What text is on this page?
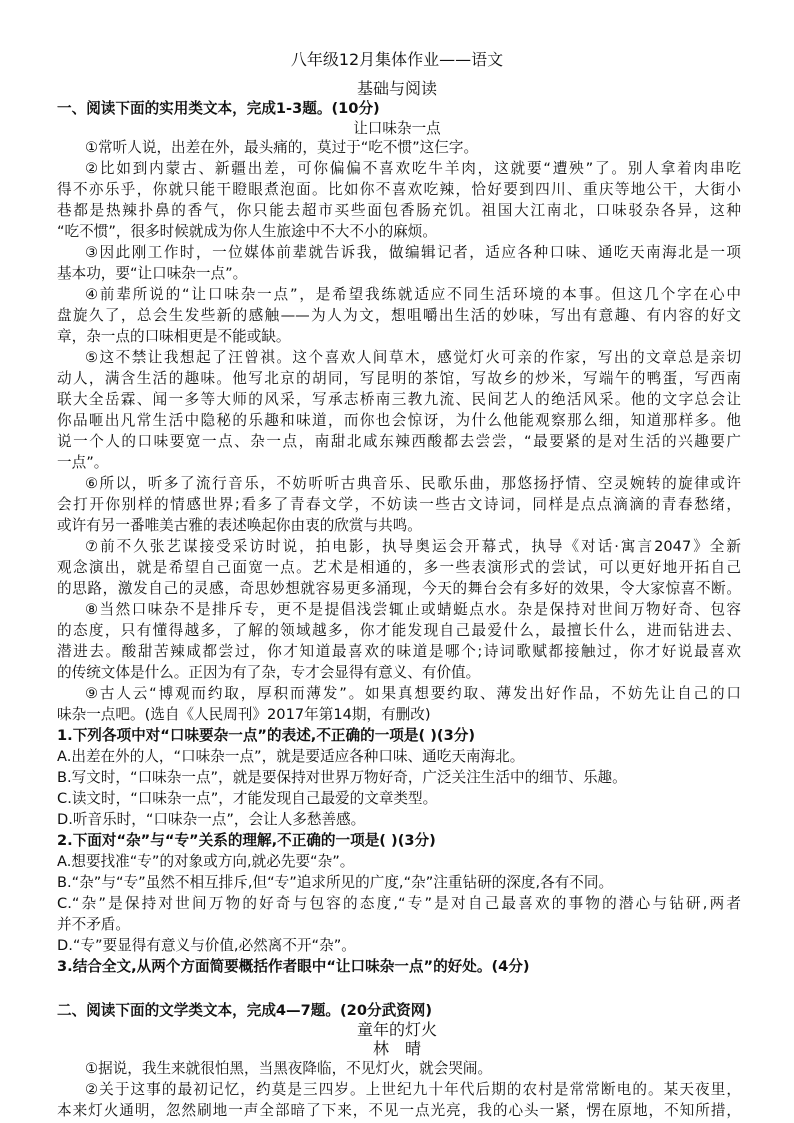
八年级12月集体作业——语文
基础与阅读
一、阅读下面的实用类文本，完成1-3题。(10分)
让口味杂一点
①常听人说，出差在外，最头痛的，莫过于“吃不惯”这仨字。
②比如到内蒙古、新疆出差，可你偏偏不喜欢吃牛羊肉，这就要“遭殃”了。别人拿着肉串吃
得不亦乐乎，你就只能干瞪眼煮泡面。比如你不喜欢吃辣，恰好要到四川、重庆等地公干，大街小
巷都是热辣扑鼻的香气，你只能去超市买些面包香肠充饥。祖国大江南北，口味驳杂各异，这种
“吃不惯”，很多时候就成为你人生旅途中不大不小的麻烦。
③因此刚工作时，一位媒体前辈就告诉我，做编辑记者，适应各种口味、通吃天南海北是一项
基本功，要“让口味杂一点”。
④前辈所说的“让口味杂一点”，是希望我练就适应不同生活环境的本事。但这几个字在心中
盘旋久了，总会生发些新的感触——为人为文，想咀嚼出生活的妙味，写出有意趣、有内容的好文
章，杂一点的口味相更是不能或缺。
⑤这不禁让我想起了汪曾祺。这个喜欢人间草木，感觉灯火可亲的作家，写出的文章总是亲切
动人，满含生活的趣味。他写北京的胡同，写昆明的茶馆，写故乡的炒米，写端午的鸭蛋，写西南
联大全岳霖、闻一多等大师的风采，写承志桥南三教九流、民间艺人的绝活风采。他的文字总会让
你品咂出凡常生活中隐秘的乐趣和味道，而你也会惊讶，为什么他能观察那么细，知道那样多。他
说一个人的口味要宽一点、杂一点，南甜北咸东辣西酸都去尝尝，“最要紧的是对生活的兴趣要广
一点”。
⑥所以，听多了流行音乐，不妨听听古典音乐、民歌乐曲，那悠扬抒情、空灵婉转的旋律或许
会打开你别样的情感世界;看多了青春文学，不妨读一些古文诗词，同样是点点滴滴的青春愁绪，
或许有另一番唯美古雅的表述唤起你由衷的欣赏与共鸣。
⑦前不久张艺谋接受采访时说，拍电影，执导奥运会开幕式，执导《对话·寓言2047》全新
观念演出，就是希望自己面宽一点。艺术是相通的，多一些表演形式的尝试，可以更好地开拓自己
的思路，激发自己的灵感，奇思妙想就容易更多涌现，今天的舞台会有多好的效果，令大家惊喜不断。
⑧当然口味杂不是排斥专，更不是提倡浅尝辄止或蜻蜓点水。杂是保持对世间万物好奇、包容
的态度，只有懂得越多，了解的领域越多，你才能发现自己最爱什么，最擅长什么，进而钻进去、
潜进去。酸甜苦辣咸都尝过，你才知道最喜欢的味道是哪个;诗词歌赋都接触过，你才好说最喜欢
的传统文体是什么。正因为有了杂，专才会显得有意义、有价值。
⑨古人云“博观而约取，厚积而薄发”。如果真想要约取、薄发出好作品，不妨先让自己的口
味杂一点吧。(选自《人民周刊》2017年第14期，有删改)
1.下列各项中对“口味要杂一点”的表述,不正确的一项是( )(3分)
A.出差在外的人，“口味杂一点”，就是要适应各种口味、通吃天南海北。
B.写文时，“口味杂一点”，就是要保持对世界万物好奇，广泛关注生活中的细节、乐趣。
C.读文时，“口味杂一点”，才能发现自己最爱的文章类型。
D.听音乐时，“口味杂一点”，会让人多愁善感。
2.下面对“杂”与“专”关系的理解,不正确的一项是( )(3分)
A.想要找准“专”的对象或方向,就必先要“杂”。
B.“杂”与“专”虽然不相互排斥,但“专”追求所见的广度,“杂”注重钻研的深度,各有不同。
C.“杂”是保持对世间万物的好奇与包容的态度,“专”是对自己最喜欢的事物的潜心与钻研,两者
并不矛盾。
D.“专”要显得有意义与价值,必然离不开“杂”。
3.结合全文,从两个方面简要概括作者眼中“让口味杂一点”的好处。(4分)
二、阅读下面的文学类文本，完成4—7题。(20分武资网)
童年的灯火
林　晴
①据说，我生来就很怕黑，当黑夜降临，不见灯火，就会哭闹。
②关于这事的最初记忆，约莫是三四岁。上世纪九十年代后期的农村是常常断电的。某天夜里，
本来灯火通明，忽然刷地一声全部暗了下来，不见一点光亮，我的心头一紧，愣在原地，不知所措，
